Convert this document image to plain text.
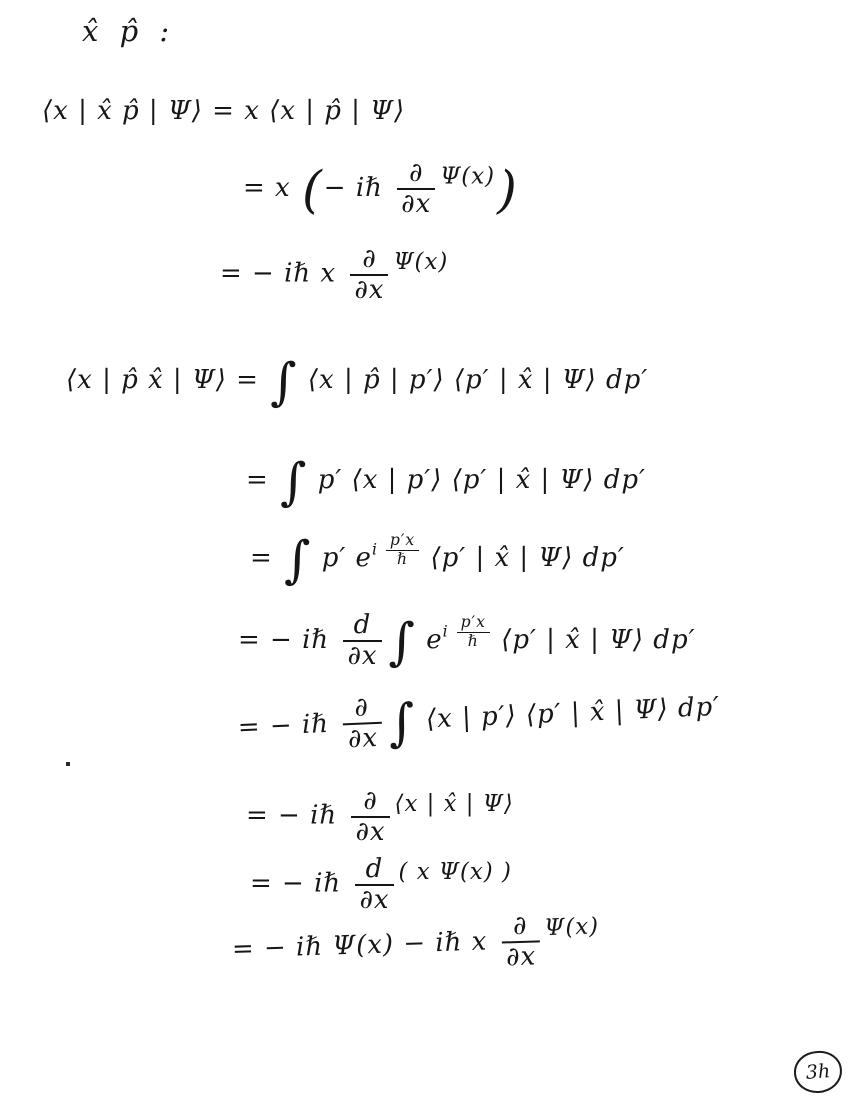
x̂ p̂ :
⟨x | x̂ p̂ | Ψ⟩ = x ⟨x | p̂ | Ψ⟩
= x (− iℏ $\frac{\partial}{\partial x} \Psi(x)$)
= − iℏ x $\frac{\partial}{\partial x} \Psi(x)$
⟨x | p̂ x̂ | Ψ⟩ = ∫ ⟨x | p̂ | p′⟩ ⟨p′ | x̂ | Ψ⟩ dp′
= ∫ p′ ⟨x | p′⟩ ⟨p′ | x̂ | Ψ⟩ dp′
= ∫ p′ ei $\frac{p'x}{\text{ℏ}}$ ⟨p′ | x̂ | Ψ⟩ dp′
= − iℏ $\frac{d}{\partial x}$ ∫ ei $\frac{p'x}{\text{ℏ}}$ ⟨p′ | x̂ | Ψ⟩ dp′
= − iℏ $\frac{\partial}{\partial x}$ ∫ ⟨x | p′⟩ ⟨p′ | x̂ | Ψ⟩ dp′
= − iℏ $\frac{\partial}{\partial x}$ ⟨x | x̂ | Ψ⟩
= − iℏ $\frac{d}{\partial x}$ ( x Ψ(x) )
= − iℏ Ψ(x) − iℏ x $\frac{\partial}{\partial x} \Psi(x)$
3h
